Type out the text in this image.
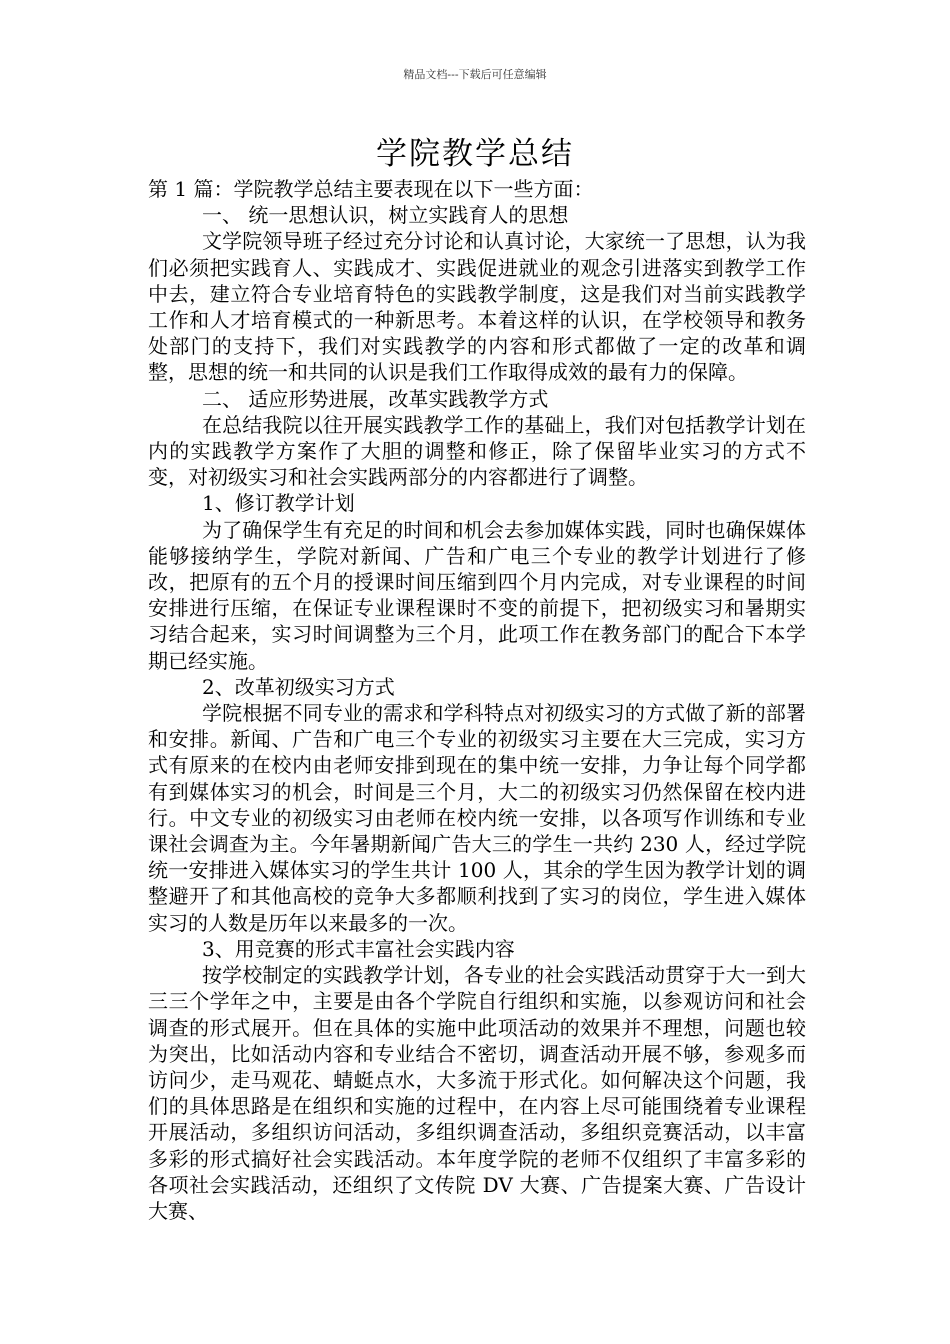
精品文档---下载后可任意编辑
学院教学总结

第 1 篇：学院教学总结主要表现在以下一些方面：

一、 统一思想认识，树立实践育人的思想

文学院领导班子经过充分讨论和认真讨论，大家统一了思想，认为我们必须把实践育人、实践成才、实践促进就业的观念引进落实到教学工作中去，建立符合专业培育特色的实践教学制度，这是我们对当前实践教学工作和人才培育模式的一种新思考。本着这样的认识，在学校领导和教务处部门的支持下，我们对实践教学的内容和形式都做了一定的改革和调整，思想的统一和共同的认识是我们工作取得成效的最有力的保障。

二、 适应形势进展，改革实践教学方式

在总结我院以往开展实践教学工作的基础上，我们对包括教学计划在内的实践教学方案作了大胆的调整和修正，除了保留毕业实习的方式不变，对初级实习和社会实践两部分的内容都进行了调整。

1、修订教学计划

为了确保学生有充足的时间和机会去参加媒体实践，同时也确保媒体能够接纳学生，学院对新闻、广告和广电三个专业的教学计划进行了修改，把原有的五个月的授课时间压缩到四个月内完成，对专业课程的时间安排进行压缩，在保证专业课程课时不变的前提下，把初级实习和暑期实习结合起来，实习时间调整为三个月，此项工作在教务部门的配合下本学期已经实施。

2、改革初级实习方式

学院根据不同专业的需求和学科特点对初级实习的方式做了新的部署和安排。新闻、广告和广电三个专业的初级实习主要在大三完成，实习方式有原来的在校内由老师安排到现在的集中统一安排，力争让每个同学都有到媒体实习的机会，时间是三个月，大二的初级实习仍然保留在校内进行。中文专业的初级实习由老师在校内统一安排，以各项写作训练和专业课社会调查为主。今年暑期新闻广告大三的学生一共约 230 人，经过学院统一安排进入媒体实习的学生共计 100 人，其余的学生因为教学计划的调整避开了和其他高校的竞争大多都顺利找到了实习的岗位，学生进入媒体实习的人数是历年以来最多的一次。

3、用竞赛的形式丰富社会实践内容

按学校制定的实践教学计划，各专业的社会实践活动贯穿于大一到大三三个学年之中，主要是由各个学院自行组织和实施，以参观访问和社会调查的形式展开。但在具体的实施中此项活动的效果并不理想，问题也较为突出，比如活动内容和专业结合不密切，调查活动开展不够，参观多而访问少，走马观花、蜻蜓点水，大多流于形式化。如何解决这个问题，我们的具体思路是在组织和实施的过程中，在内容上尽可能围绕着专业课程开展活动，多组织访问活动，多组织调查活动，多组织竞赛活动，以丰富多彩的形式搞好社会实践活动。本年度学院的老师不仅组织了丰富多彩的各项社会实践活动，还组织了文传院 DV 大赛、广告提案大赛、广告设计大赛、
